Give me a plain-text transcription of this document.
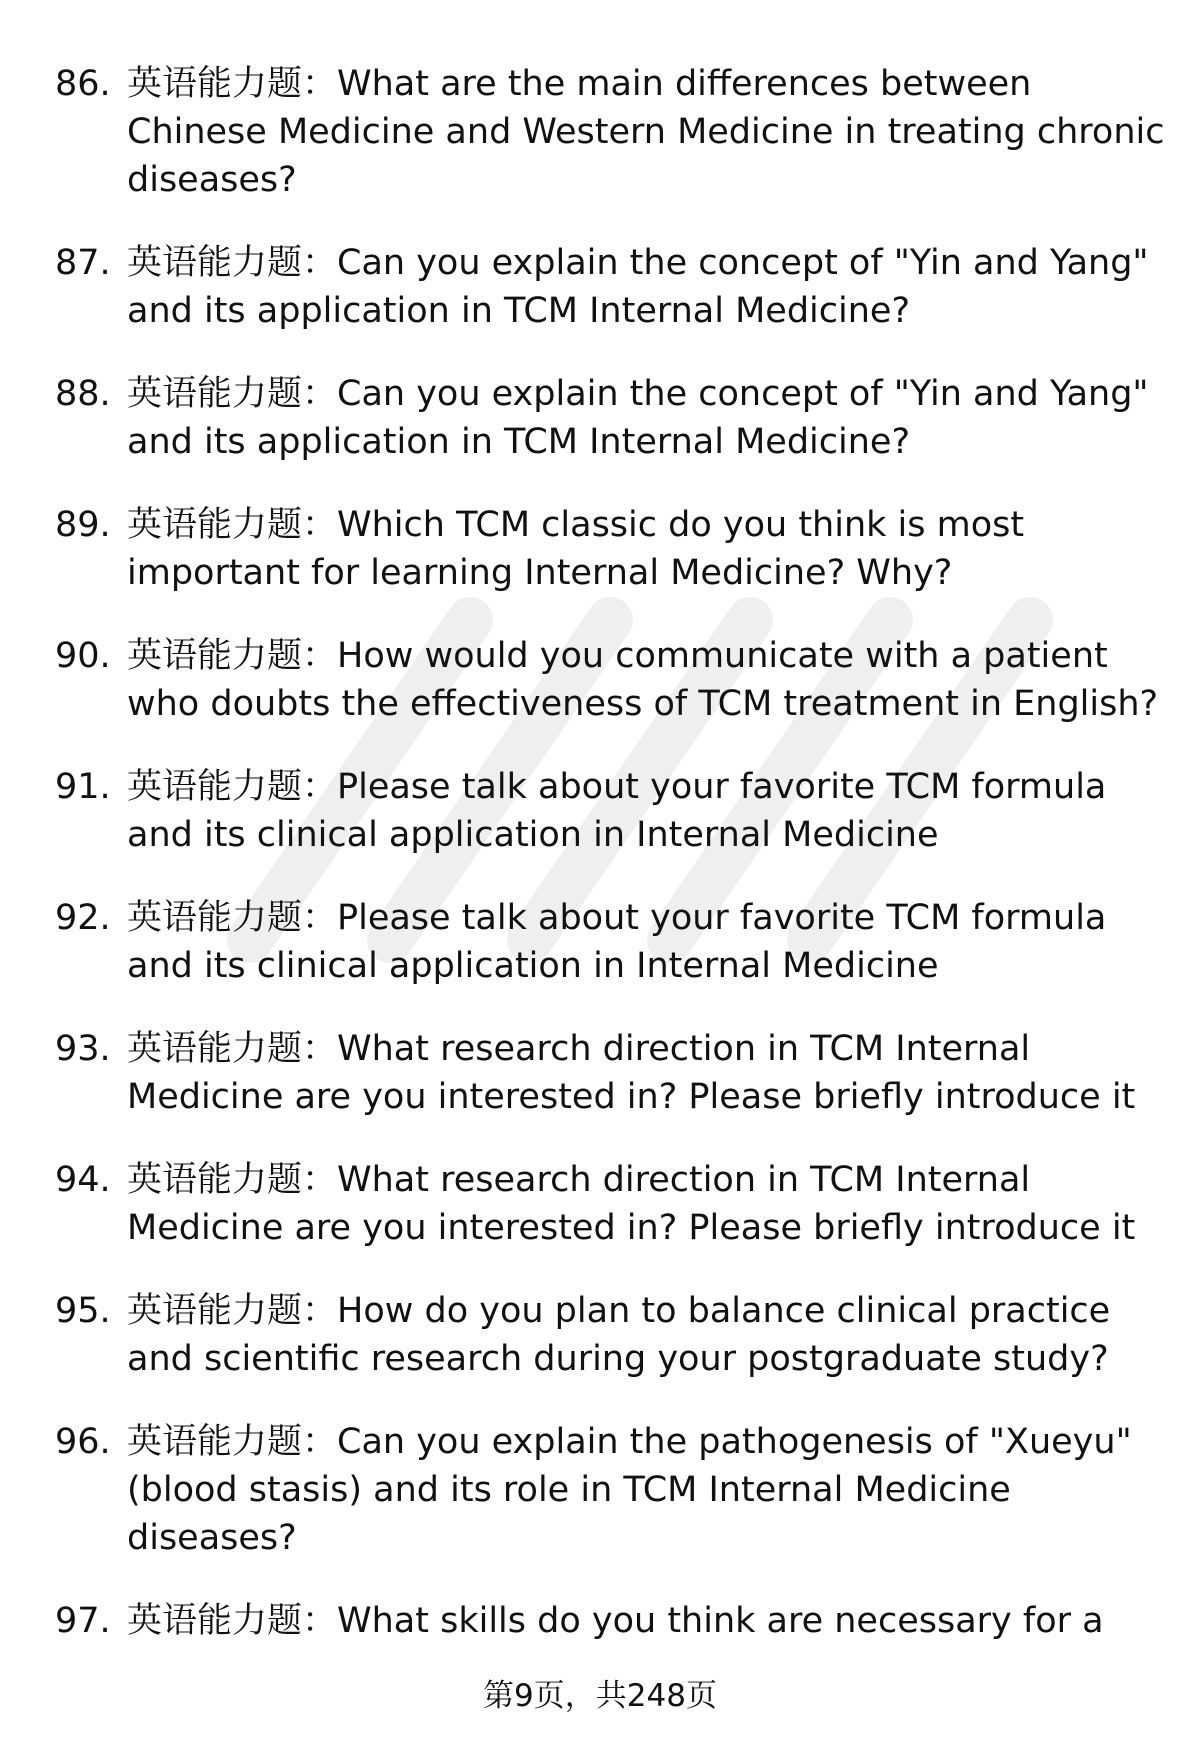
86. 英语能力题：What are the main differences between Chinese Medicine and Western Medicine in treating chronic diseases?
87. 英语能力题：Can you explain the concept of "Yin and Yang" and its application in TCM Internal Medicine?
88. 英语能力题：Can you explain the concept of "Yin and Yang" and its application in TCM Internal Medicine?
89. 英语能力题：Which TCM classic do you think is most important for learning Internal Medicine? Why?
90. 英语能力题：How would you communicate with a patient who doubts the effectiveness of TCM treatment in English?
91. 英语能力题：Please talk about your favorite TCM formula and its clinical application in Internal Medicine
92. 英语能力题：Please talk about your favorite TCM formula and its clinical application in Internal Medicine
93. 英语能力题：What research direction in TCM Internal Medicine are you interested in? Please briefly introduce it
94. 英语能力题：What research direction in TCM Internal Medicine are you interested in? Please briefly introduce it
95. 英语能力题：How do you plan to balance clinical practice and scientific research during your postgraduate study?
96. 英语能力题：Can you explain the pathogenesis of "Xueyu" (blood stasis) and its role in TCM Internal Medicine diseases?
97. 英语能力题：What skills do you think are necessary for a
第9页，共248页
